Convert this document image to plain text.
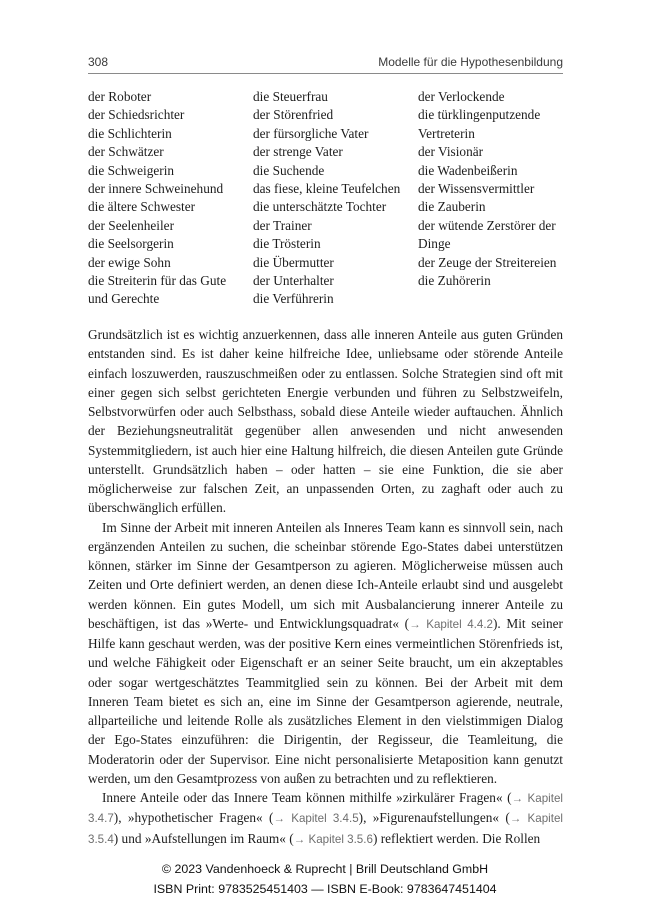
308	Modelle für die Hypothesenbildung
der Roboter
der Schiedsrichter
die Schlichterin
der Schwätzer
die Schweigerin
der innere Schweinehund
die ältere Schwester
der Seelenheiler
die Seelsorgerin
der ewige Sohn
die Streiterin für das Gute
und Gerechte
die Steuerfrau
der Störenfried
der fürsorgliche Vater
der strenge Vater
die Suchende
das fiese, kleine Teufelchen
die unterschätzte Tochter
der Trainer
die Trösterin
die Übermutter
der Unterhalter
die Verführerin
der Verlockende
die türklingenputzende
Vertreterin
der Visionär
die Wadenbeißerin
der Wissensvermittler
die Zauberin
der wütende Zerstörer der
Dinge
der Zeuge der Streitereien
die Zuhörerin

Grundsätzlich ist es wichtig anzuerkennen, dass alle inneren Anteile aus guten Gründen entstanden sind. Es ist daher keine hilfreiche Idee, unliebsame oder störende Anteile einfach loszuwerden, rauszuschmeißen oder zu entlassen. Solche Strategien sind oft mit einer gegen sich selbst gerichteten Energie verbunden und führen zu Selbstzweifeln, Selbstvorwürfen oder auch Selbsthass, sobald diese Anteile wieder auftauchen. Ähnlich der Beziehungsneutralität gegenüber allen anwesenden und nicht anwesenden Systemmitgliedern, ist auch hier eine Haltung hilfreich, die diesen Anteilen gute Gründe unterstellt. Grundsätzlich haben – oder hatten – sie eine Funktion, die sie aber möglicherweise zur falschen Zeit, an unpassenden Orten, zu zaghaft oder auch zu überschwänglich erfüllen.

Im Sinne der Arbeit mit inneren Anteilen als Inneres Team kann es sinnvoll sein, nach ergänzenden Anteilen zu suchen, die scheinbar störende Ego-States dabei unterstützen können, stärker im Sinne der Gesamtperson zu agieren. Möglicherweise müssen auch Zeiten und Orte definiert werden, an denen diese Ich-Anteile erlaubt sind und ausgelebt werden können. Ein gutes Modell, um sich mit Ausbalancierung innerer Anteile zu beschäftigen, ist das »Werte- und Entwicklungsquadrat« (→ Kapitel 4.4.2). Mit seiner Hilfe kann geschaut werden, was der positive Kern eines vermeintlichen Störenfrieds ist, und welche Fähigkeit oder Eigenschaft er an seiner Seite braucht, um ein akzeptables oder sogar wertgeschätztes Teammitglied sein zu können. Bei der Arbeit mit dem Inneren Team bietet es sich an, eine im Sinne der Gesamtperson agierende, neutrale, allparteiliche und leitende Rolle als zusätzliches Element in den vielstimmigen Dialog der Ego-States einzuführen: die Dirigentin, der Regisseur, die Teamleitung, die Moderatorin oder der Supervisor. Eine nicht personalisierte Metaposition kann genutzt werden, um den Gesamtprozess von außen zu betrachten und zu reflektieren.

Innere Anteile oder das Innere Team können mithilfe »zirkulärer Fragen« (→ Kapitel 3.4.7), »hypothetischer Fragen« (→ Kapitel 3.4.5), »Figurenaufstellungen« (→ Kapitel 3.5.4) und »Aufstellungen im Raum« (→ Kapitel 3.5.6) reflektiert werden. Die Rollen

© 2023 Vandenhoeck & Ruprecht | Brill Deutschland GmbH
ISBN Print: 9783525451403 — ISBN E-Book: 9783647451404
